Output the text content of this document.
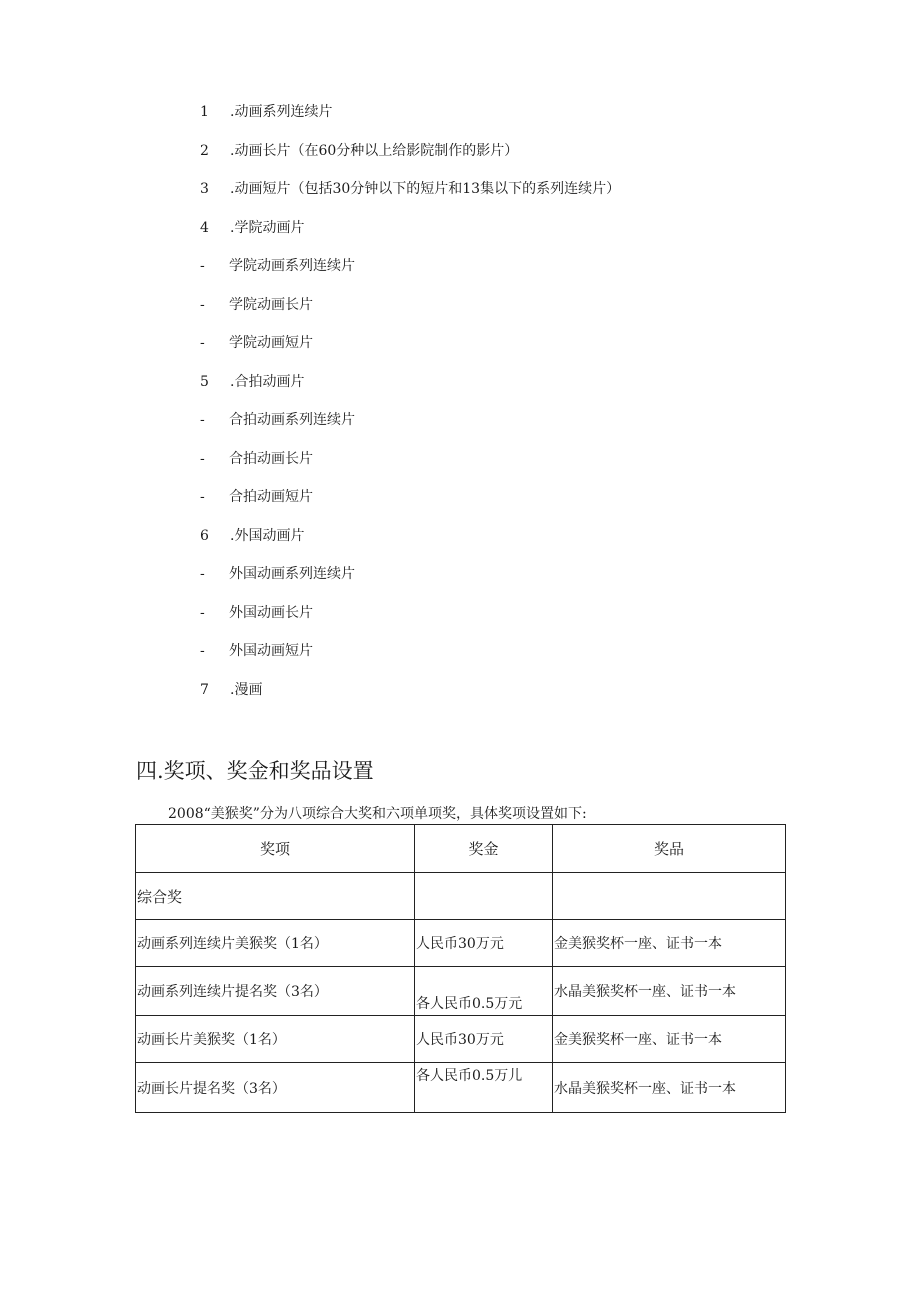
1 .动画系列连续片
2 .动画长片（在60分种以上给影院制作的影片）
3 .动画短片（包括30分钟以下的短片和13集以下的系列连续片）
4 .学院动画片
- 学院动画系列连续片
- 学院动画长片
- 学院动画短片
5 .合拍动画片
- 合拍动画系列连续片
- 合拍动画长片
- 合拍动画短片
6 .外国动画片
- 外国动画系列连续片
- 外国动画长片
- 外国动画短片
7 .漫画
四.奖项、奖金和奖品设置
2008“美猴奖”分为八项综合大奖和六项单项奖，具体奖项设置如下:
奖项	奖金	奖品
综合奖		
动画系列连续片美猴奖（1名）	人民币30万元	金美猴奖杯一座、证书一本
动画系列连续片提名奖（3名）	各人民币0.5万元	水晶美猴奖杯一座、证书一本
动画长片美猴奖（1名）	人民币30万元	金美猴奖杯一座、证书一本
动画长片提名奖（3名）	各人民币0.5万儿	水晶美猴奖杯一座、证书一本
